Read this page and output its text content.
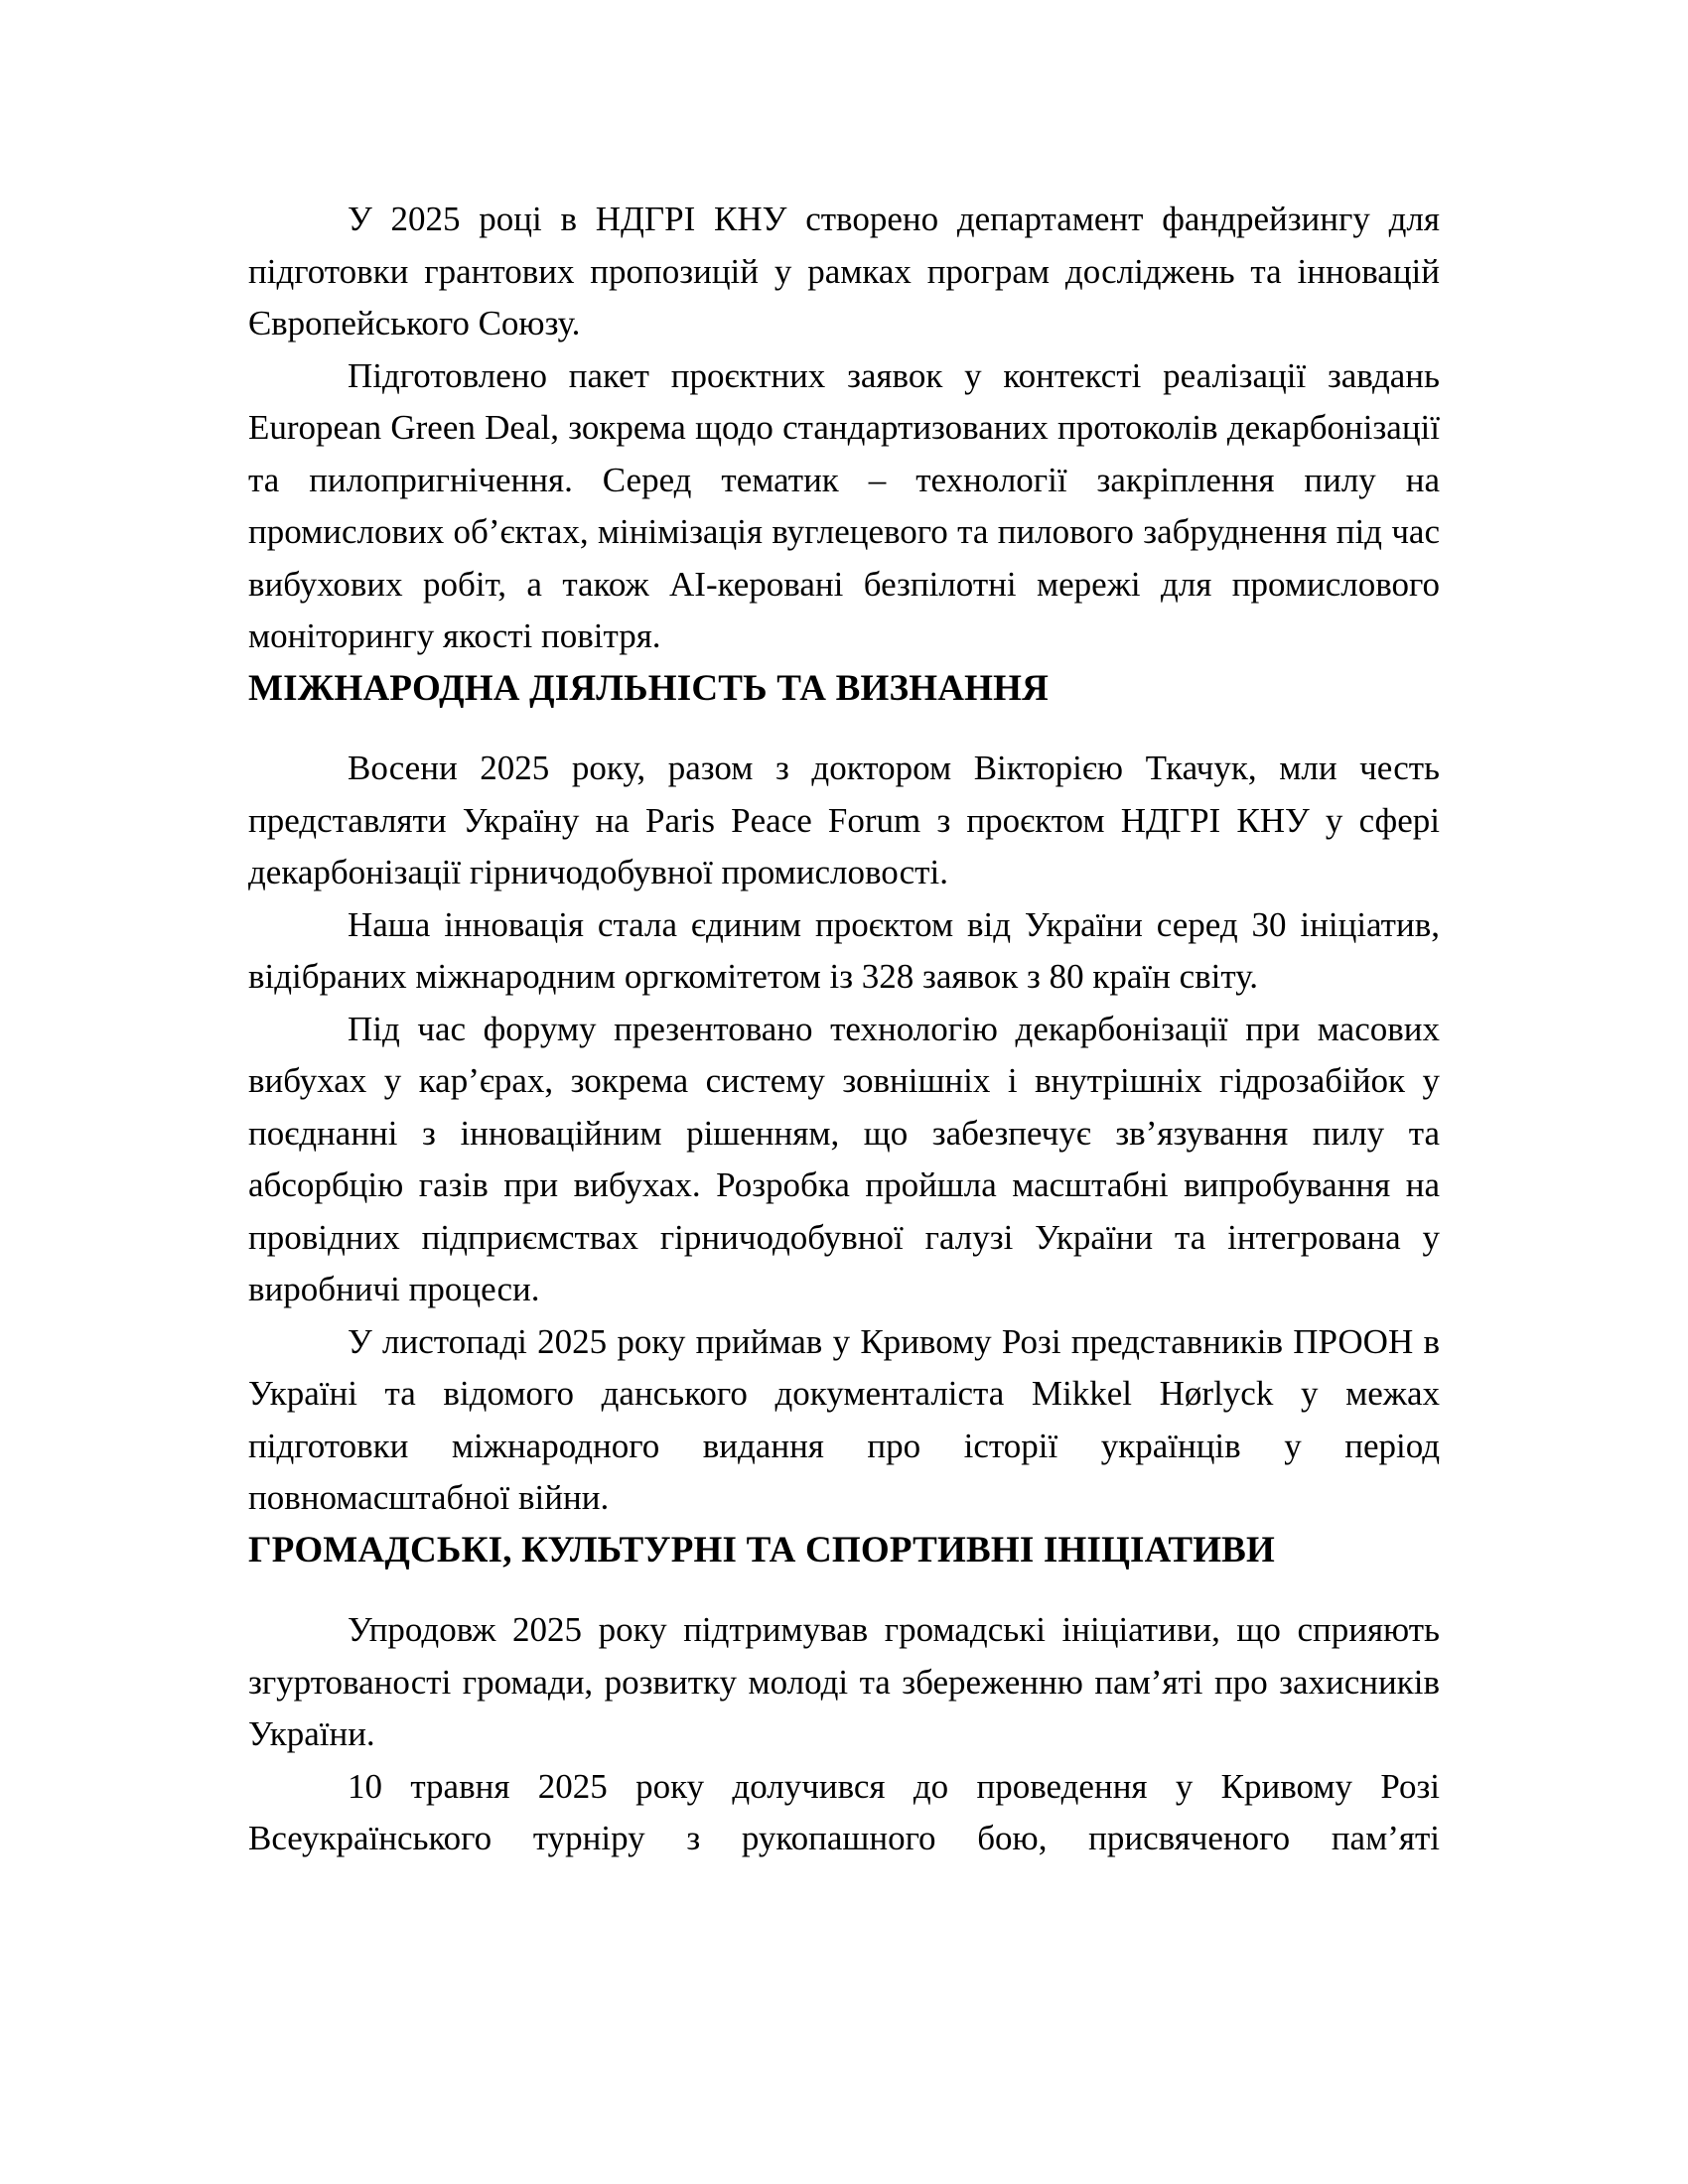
У 2025 році в НДГРІ КНУ створено департамент фандрейзингу для підготовки грантових пропозицій у рамках програм досліджень та інновацій Європейського Союзу.

Підготовлено пакет проєктних заявок у контексті реалізації завдань European Green Deal, зокрема щодо стандартизованих протоколів декарбонізації та пилопригнічення. Серед тематик – технології закріплення пилу на промислових об’єктах, мінімізація вуглецевого та пилового забруднення під час вибухових робіт, а також АІ-керовані безпілотні мережі для промислового моніторингу якості повітря.

МІЖНАРОДНА ДІЯЛЬНІСТЬ ТА ВИЗНАННЯ

Восени 2025 року, разом з доктором Вікторією Ткачук, мли честь представляти Україну на Paris Peace Forum з проєктом НДГРІ КНУ у сфері декарбонізації гірничодобувної промисловості.

Наша інновація стала єдиним проєктом від України серед 30 ініціатив, відібраних міжнародним оргкомітетом із 328 заявок з 80 країн світу.

Під час форуму презентовано технологію декарбонізації при масових вибухах у кар’єрах, зокрема систему зовнішніх і внутрішніх гідрозабійок у поєднанні з інноваційним рішенням, що забезпечує зв’язування пилу та абсорбцію газів при вибухах. Розробка пройшла масштабні випробування на провідних підприємствах гірничодобувної галузі України та інтегрована у виробничі процеси.

У листопаді 2025 року приймав у Кривому Розі представників ПРООН в Україні та відомого данського документаліста Mikkel Hørlyck у межах підготовки міжнародного видання про історії українців у період повномасштабної війни.

ГРОМАДСЬКІ, КУЛЬТУРНІ ТА СПОРТИВНІ ІНІЦІАТИВИ

Упродовж 2025 року підтримував громадські ініціативи, що сприяють згуртованості громади, розвитку молоді та збереженню пам’яті про захисників України.

10 травня 2025 року долучився до проведення у Кривому Розі Всеукраїнського турніру з рукопашного бою, присвяченого пам’яті
